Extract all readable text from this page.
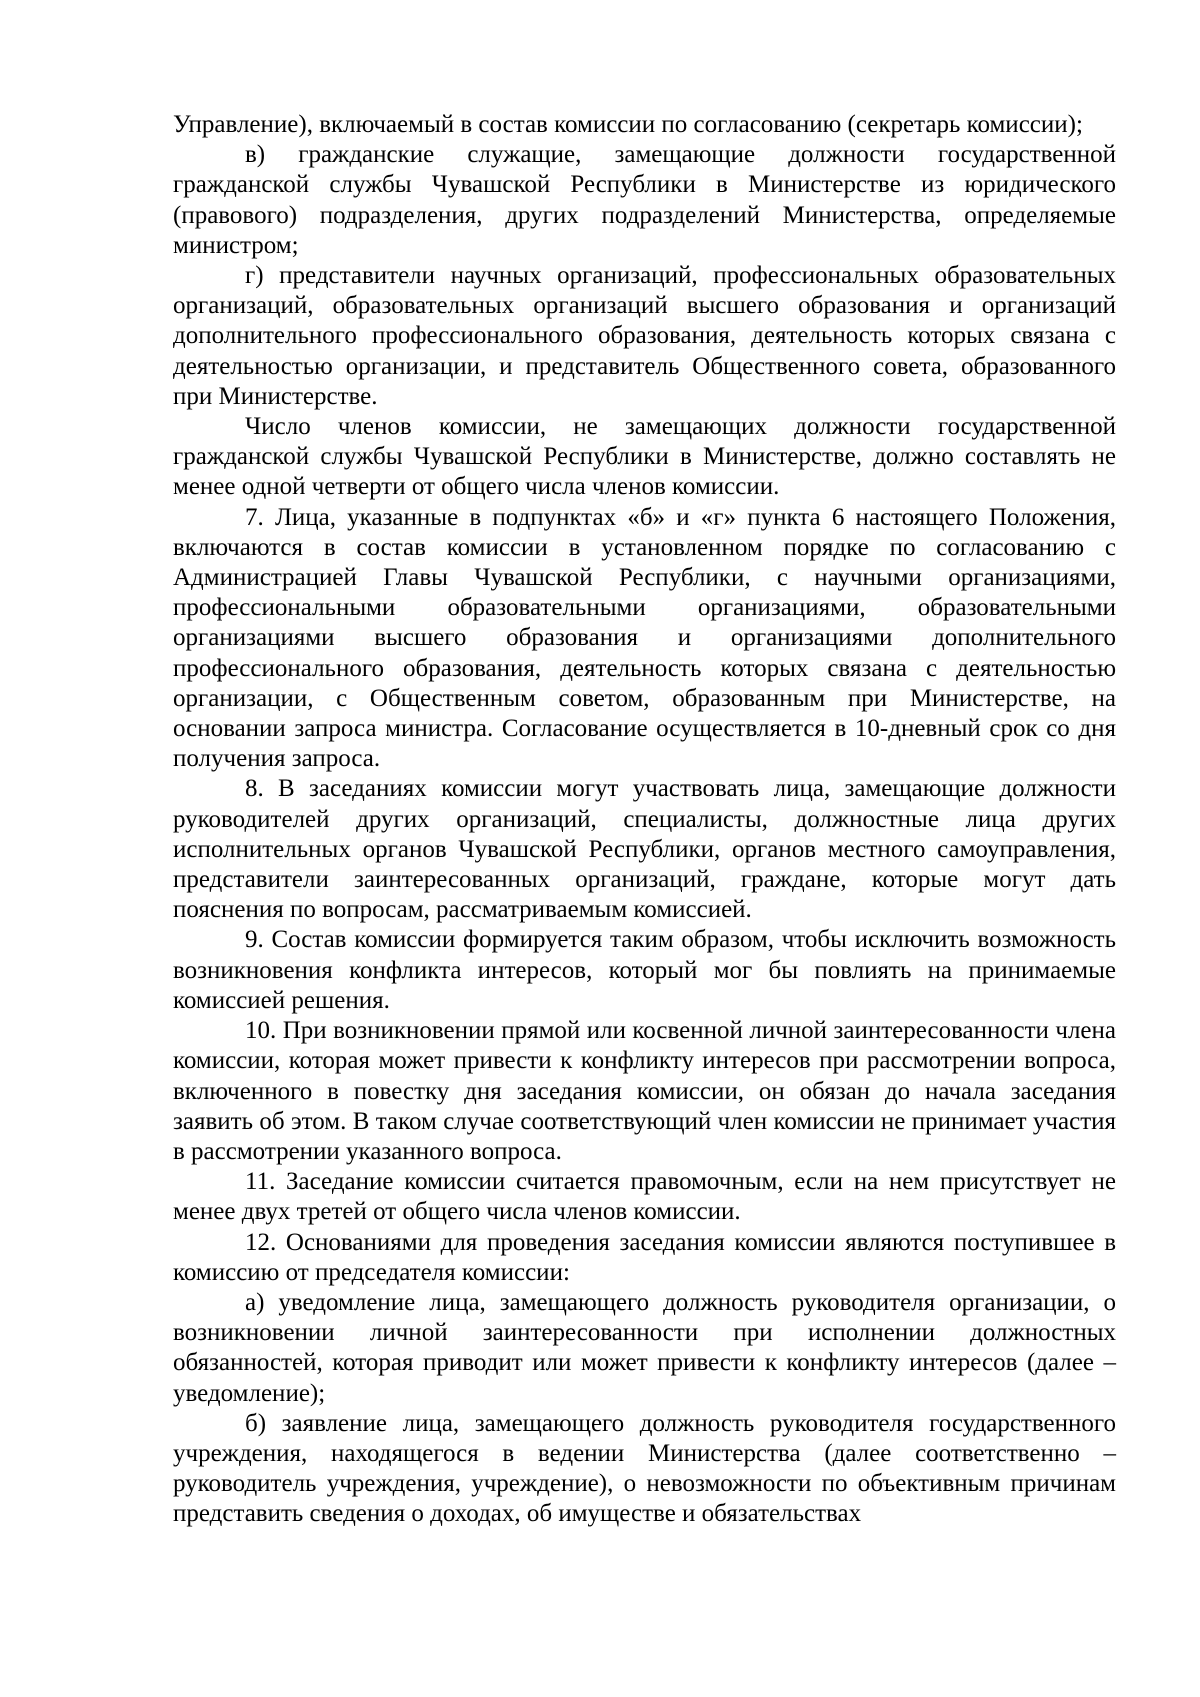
Управление), включаемый в состав комиссии по согласованию (секретарь комиссии);

в) гражданские служащие, замещающие должности государственной гражданской службы Чувашской Республики в Министерстве из юридического (правового) подразделения, других подразделений Министерства, определяемые министром;

г) представители научных организаций, профессиональных образовательных организаций, образовательных организаций высшего образования и организаций дополнительного профессионального образования, деятельность которых связана с деятельностью организации, и представитель Общественного совета, образованного при Министерстве.

Число членов комиссии, не замещающих должности государственной гражданской службы Чувашской Республики в Министерстве, должно составлять не менее одной четверти от общего числа членов комиссии.

7. Лица, указанные в подпунктах «б» и «г» пункта 6 настоящего Положения, включаются в состав комиссии в установленном порядке по согласованию с Администрацией Главы Чувашской Республики, с научными организациями, профессиональными образовательными организациями, образовательными организациями высшего образования и организациями дополнительного профессионального образования, деятельность которых связана с деятельностью организации, с Общественным советом, образованным при Министерстве, на основании запроса министра. Согласование осуществляется в 10-дневный срок со дня получения запроса.

8. В заседаниях комиссии могут участвовать лица, замещающие должности руководителей других организаций, специалисты, должностные лица других исполнительных органов Чувашской Республики, органов местного самоуправления, представители заинтересованных организаций, граждане, которые могут дать пояснения по вопросам, рассматриваемым комиссией.

9. Состав комиссии формируется таким образом, чтобы исключить возможность возникновения конфликта интересов, который мог бы повлиять на принимаемые комиссией решения.

10. При возникновении прямой или косвенной личной заинтересованности члена комиссии, которая может привести к конфликту интересов при рассмотрении вопроса, включенного в повестку дня заседания комиссии, он обязан до начала заседания заявить об этом. В таком случае соответствующий член комиссии не принимает участия в рассмотрении указанного вопроса.

11. Заседание комиссии считается правомочным, если на нем присутствует не менее двух третей от общего числа членов комиссии.

12. Основаниями для проведения заседания комиссии являются поступившее в комиссию от председателя комиссии:

а) уведомление лица, замещающего должность руководителя организации, о возникновении личной заинтересованности при исполнении должностных обязанностей, которая приводит или может привести к конфликту интересов (далее – уведомление);

б) заявление лица, замещающего должность руководителя государственного учреждения, находящегося в ведении Министерства (далее соответственно – руководитель учреждения, учреждение), о невозможности по объективным причинам представить сведения о доходах, об имуществе и обязательствах
